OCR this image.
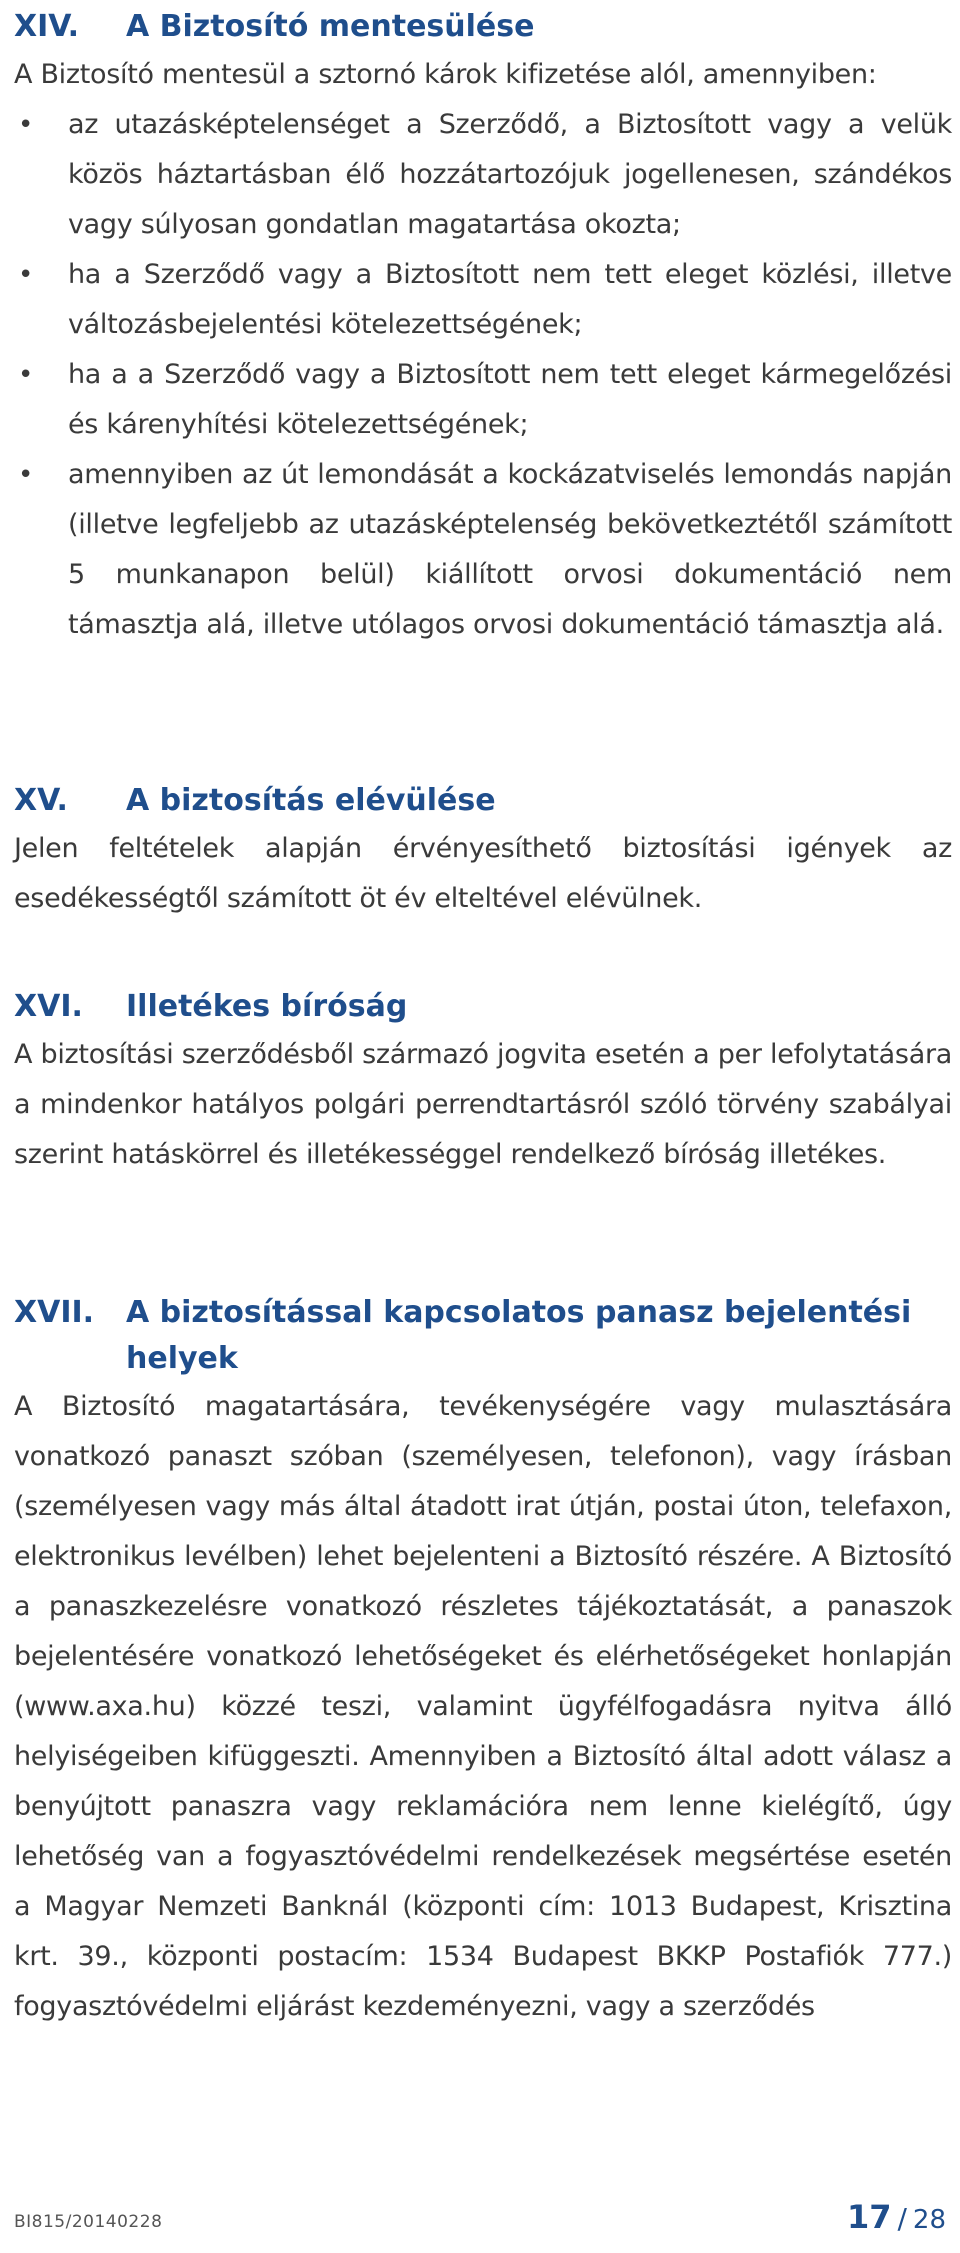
XIV.	A Biztosító mentesülése

A Biztosító mentesül a sztornó károk kifizetése alól, amennyiben:

• az utazásképtelenséget a Szerződő, a Biztosított vagy a velük közös háztartásban élő hozzátartozójuk jogellenesen, szándékos vagy súlyosan gondatlan magatartása okozta;
• ha a Szerződő vagy a Biztosított nem tett eleget közlési, illetve változásbejelentési kötelezettségének;
• ha a a Szerződő vagy a Biztosított nem tett eleget kármegelőzési és kárenyhítési kötelezettségének;
• amennyiben az út lemondását a kockázatviselés lemondás napján (illetve legfeljebb az utazásképtelenség bekövetkeztétől számított 5 munkanapon belül) kiállított orvosi dokumentáció nem támasztja alá, illetve utólagos orvosi dokumentáció támasztja alá.
XV.	A biztosítás elévülése

Jelen feltételek alapján érvényesíthető biztosítási igények az esedékességtől számított öt év elteltével elévülnek.

XVI.	Illetékes bíróság

A biztosítási szerződésből származó jogvita esetén a per lefolytatására a mindenkor hatályos polgári perrendtartásról szóló törvény szabályai szerint hatáskörrel és illetékességgel rendelkező bíróság illetékes.

XVII.	A biztosítással kapcsolatos panasz bejelentési helyek

A Biztosító magatartására, tevékenységére vagy mulasztására vonatkozó panaszt szóban (személyesen, telefonon), vagy írásban (személyesen vagy más által átadott irat útján, postai úton, telefaxon, elektronikus levélben) lehet bejelenteni a Biztosító részére. A Biztosító a panaszkezelésre vonatkozó részletes tájékoztatását, a panaszok bejelentésére vonatkozó lehetőségeket és elérhetőségeket honlapján (www.axa.hu) közzé teszi, valamint ügyfélfogadásra nyitva álló helyiségeiben kifüggeszti. Amennyiben a Biztosító által adott válasz a benyújtott panaszra vagy reklamációra nem lenne kielégítő, úgy lehetőség van a fogyasztóvédelmi rendelkezések megsértése esetén a Magyar Nemzeti Banknál (központi cím: 1013 Budapest, Krisztina krt. 39., központi postacím: 1534 Budapest BKKP Postafiók 777.) fogyasztóvédelmi eljárást kezdeményezni, vagy a szerződés

BI815/20140228	17 / 28
